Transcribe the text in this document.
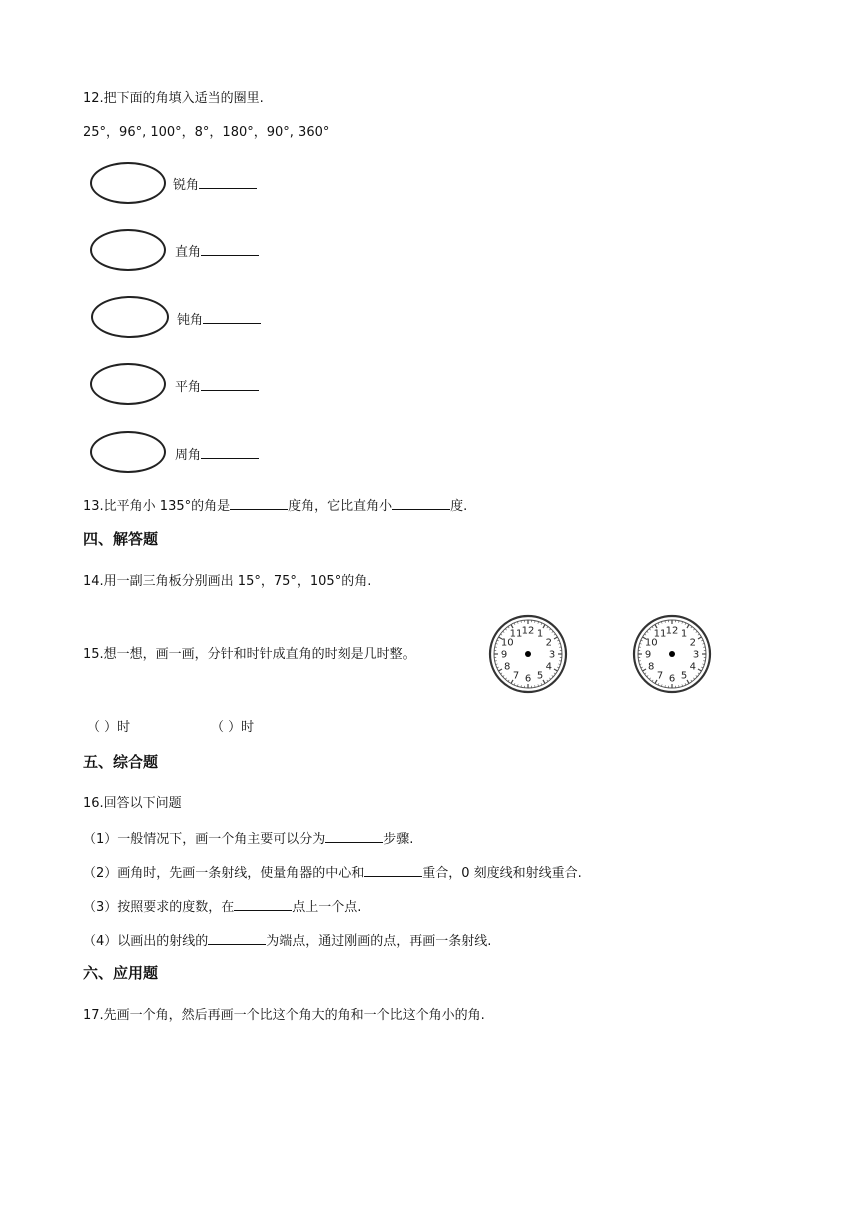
12.把下面的角填入适当的圈里.
25°，96°, 100°，8°，180°，90°, 360°
锐角
直角
钝角
平角
周角
13.比平角小 135°的角是	度角，它比直角小	度.
四、解答题
14.用一副三角板分别画出 15°，75°，105°的角.
15.想一想，画一画，分针和时针成直角的时刻是几时整。
12 1
2
3
4
5
6
7
8
9
10
11	12 1
2
3
4
5
6
7
8
9
10
11
（ ）时	（ ）时
五、综合题
16.回答以下问题
（1）一般情况下，画一个角主要可以分为	步骤.
（2）画角时，先画一条射线，使量角器的中心和	重合，0 刻度线和射线重合.
（3）按照要求的度数，在	点上一个点.
（4）以画出的射线的	为端点，通过刚画的点，再画一条射线.
六、应用题
17.先画一个角，然后再画一个比这个角大的角和一个比这个角小的角.
